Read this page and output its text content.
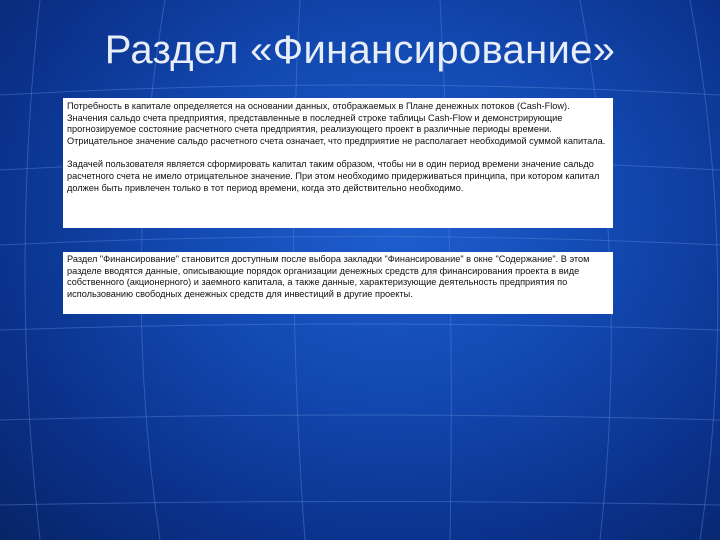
Раздел «Финансирование»

Потребность в капитале определяется на основании данных, отображаемых в Плане денежных потоков (Cash-Flow). Значения сальдо счета предприятия, представленные в последней строке таблицы Cash-Flow и демонстрирующие прогнозируемое состояние расчетного счета предприятия, реализующего проект в различные периоды времени. Отрицательное значение сальдо расчетного счета означает, что предприятие не располагает необходимой суммой капитала.

Задачей пользователя является сформировать капитал таким образом, чтобы ни в один период времени значение сальдо расчетного счета не имело отрицательное значение. При этом необходимо придерживаться принципа, при котором капитал должен быть привлечен только в тот период времени, когда это действительно необходимо.

Раздел "Финансирование" становится доступным после выбора закладки "Финансирование" в окне "Содержание". В этом разделе вводятся данные, описывающие порядок организации денежных средств для финансирования проекта в виде собственного (акционерного) и заемного капитала, а также данные, характеризующие деятельность предприятия по использованию свободных денежных средств для инвестиций в другие проекты.
